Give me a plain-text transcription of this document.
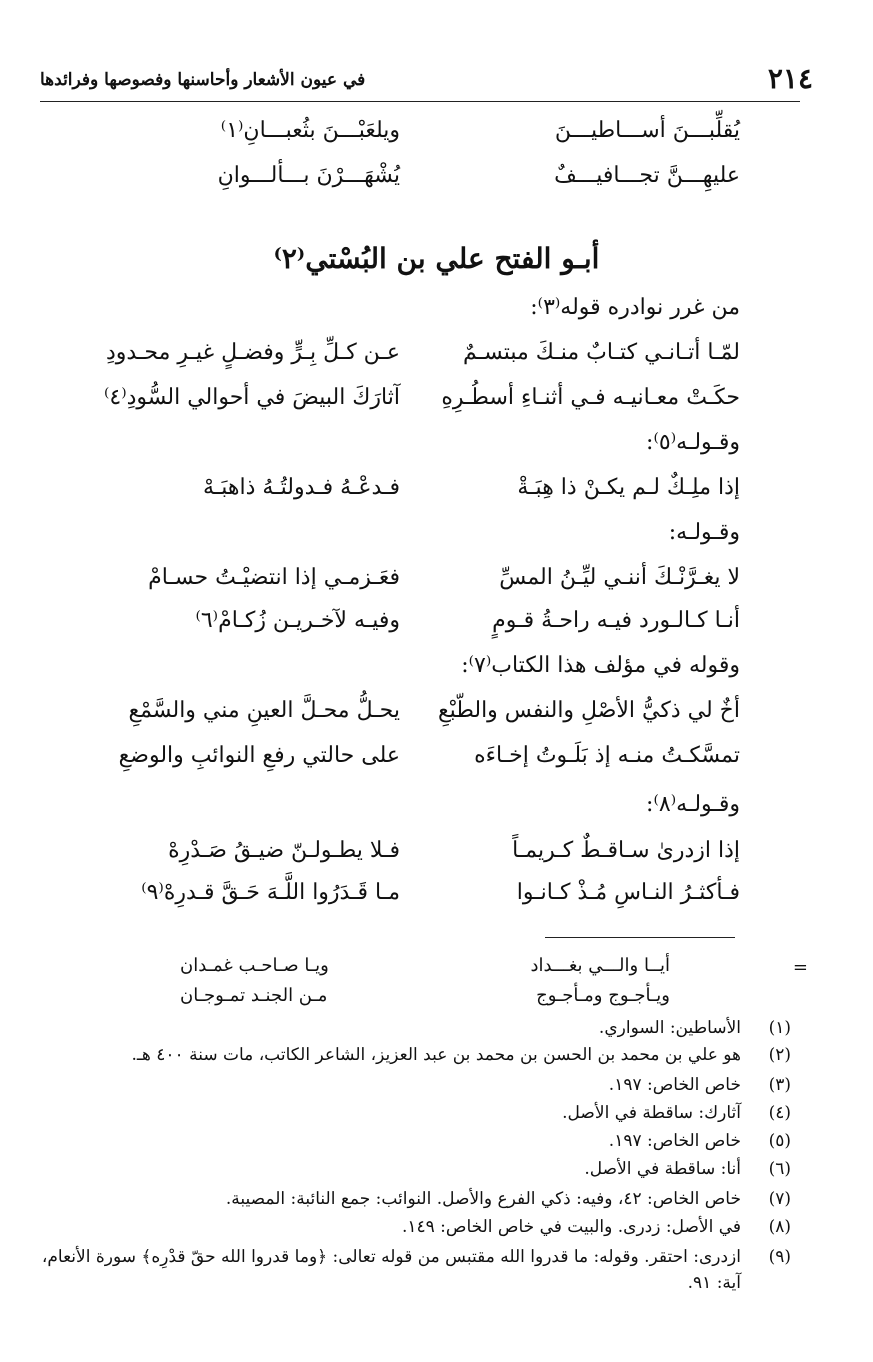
٢١٤
في عيون الأشعار وأحاسنها وفصوصها وفرائدها
يُقلِّبـــنَ أســـاطيـــنَ
ويلعَبْـــنَ بثُعبـــانِ⁽١⁾
عليهِـــنَّ تجـــافيـــفٌ
يُشْهَـــرْنَ بـــألـــوانِ
أبـو الفتح علي بن البُسْتي⁽٢⁾
من غرر نوادره قوله⁽٣⁾:
لمّـا أتـانـي كتـابٌ منـكَ مبتسـمٌ
عـن كـلِّ بِـرٍّ وفضـلٍ غيـرِ محـدودِ
حكَـتْ معـانيـه فـي أثنـاءِ أسطُـرِهِ
آثارَكَ البيضَ في أحوالي السُّودِ⁽٤⁾
وقـولـه⁽٥⁾:
إذا ملِـكٌ لـم يكـنْ ذا هِبَـةْ
فـدعْـهُ فـدولتُـهُ ذاهبَـهْ
وقـولـه:
لا يغـرَّنْـكَ أننـي ليِّـنُ المسِّ
فعَـزمـي إذا انتضيْـتُ حسـامْ
أنـا كـالـورد فيـه راحـةُ قـومٍ
وفيـه لآخـريـن زُكـامْ⁽٦⁾
وقوله في مؤلف هذا الكتاب⁽٧⁾:
أخٌ لي ذكيُّ الأصْلِ والنفس والطّبْعِ
يحـلُّ محـلَّ العينِ مني والسَّمْعِ
تمسَّكـتُ منـه إذ بَلَـوتُ إخـاءَه
على حالتي رفعِ النوائبِ والوضعِ
وقـولـه⁽٨⁾:
إذا ازدرىٰ سـاقـطٌ كـريمـاً
فـلا يطـولـنّ ضيـقُ صَـدْرِهْ
فـأكثـرُ النـاسِ مُـذْ كـانـوا
مـا قَـدَرُوا اللَّـهَ حَـقَّ قـدرِهْ⁽٩⁾
=
أيــا والـــي بغـــداد
ويـا صـاحـب غمـدان
ويـأجـوج ومـأجـوج
مـن الجنـد تمـوجـان
(١)
الأساطين: السواري.
(٢)
هو علي بن محمد بن الحسن بن محمد بن عبد العزيز، الشاعر الكاتب، مات سنة ٤٠٠ هـ.
(٣)
خاص الخاص: ١٩٧.
(٤)
آثارك: ساقطة في الأصل.
(٥)
خاص الخاص: ١٩٧.
(٦)
أنا: ساقطة في الأصل.
(٧)
خاص الخاص: ٤٢، وفيه: ذكي الفرع والأصل. النوائب: جمع النائبة: المصيبة.
(٨)
في الأصل: زدرى. والبيت في خاص الخاص: ١٤٩.
(٩)
ازدرى: احتقر. وقوله: ما قدروا الله مقتبس من قوله تعالى: ﴿وما قدروا الله حقّ قدْرِه﴾ سورة الأنعام، آية: ٩١.
